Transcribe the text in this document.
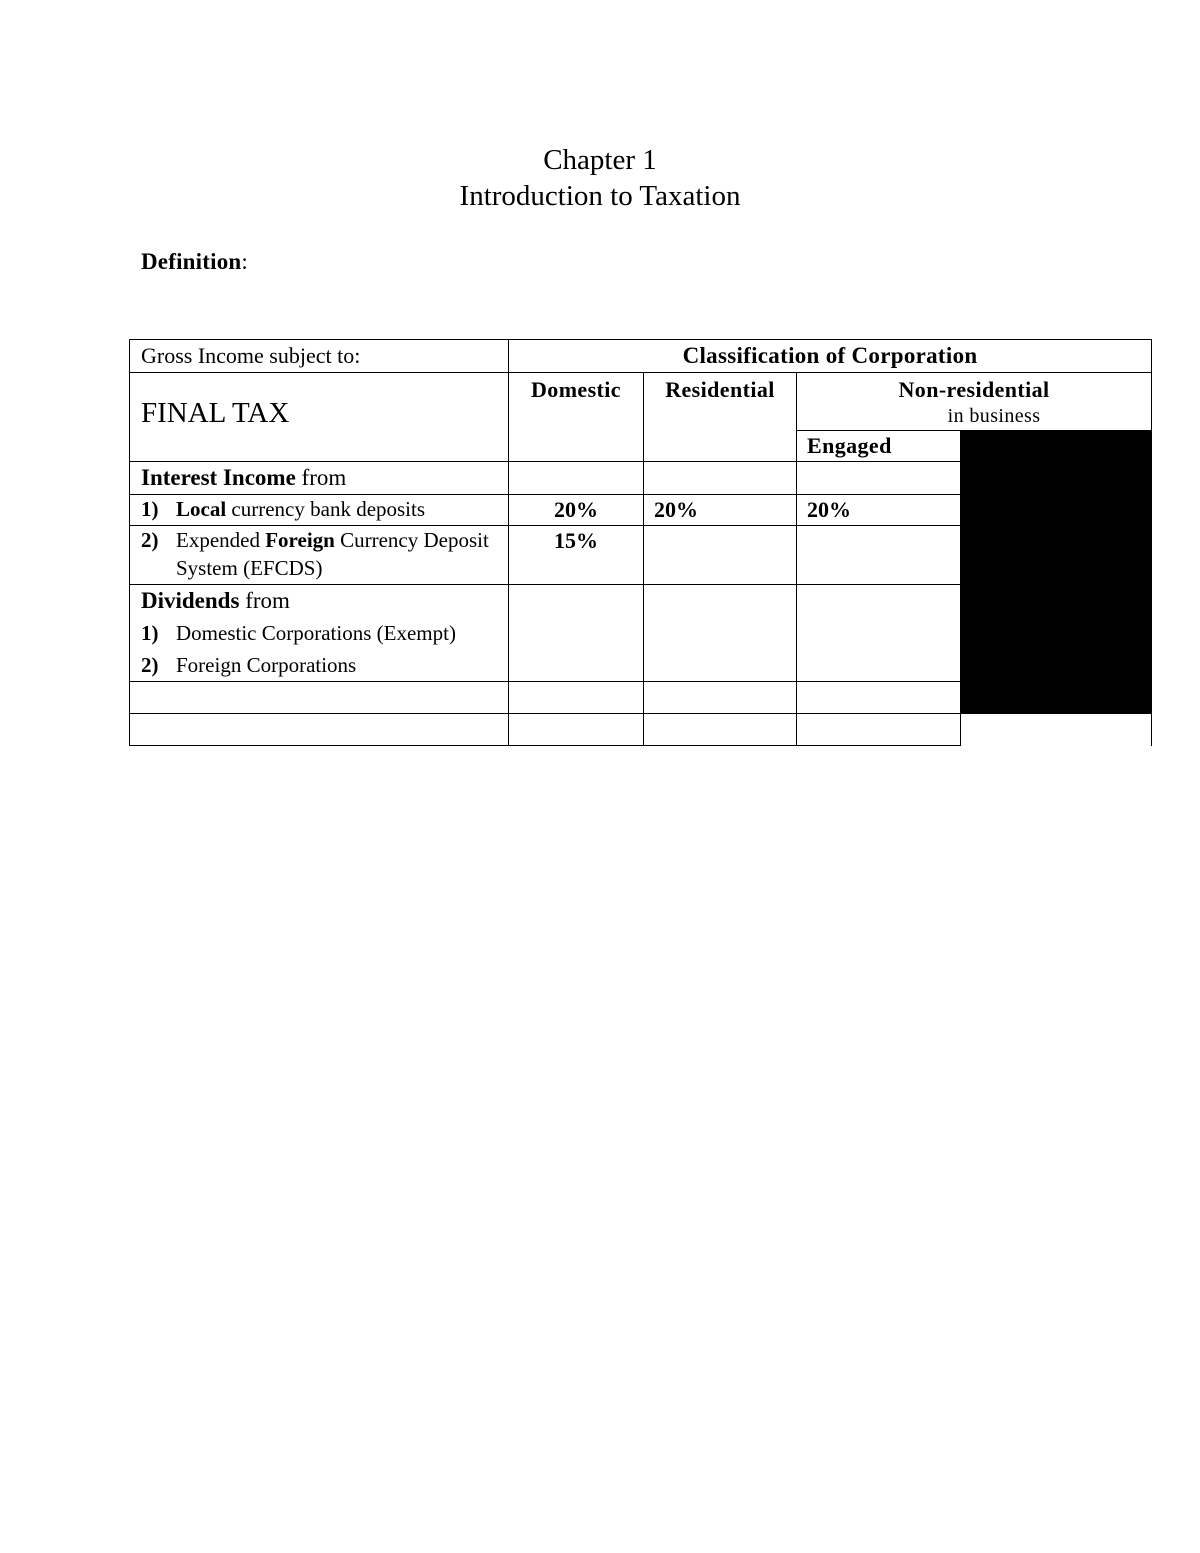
Chapter 1
Introduction to Taxation
Definition:
Gross Income subject to:	Classification of Corporation				
FINAL TAX	Domestic	Residential	Non-residential
in business		

			Engaged		
Interest Income from					

1) Local currency bank deposits	20%	20%	20%		

2) Expended Foreign Currency Deposit System (EFCDS)	15%				

Dividends from
1) Domestic Corporations (Exempt)
2) Foreign Corporations					
